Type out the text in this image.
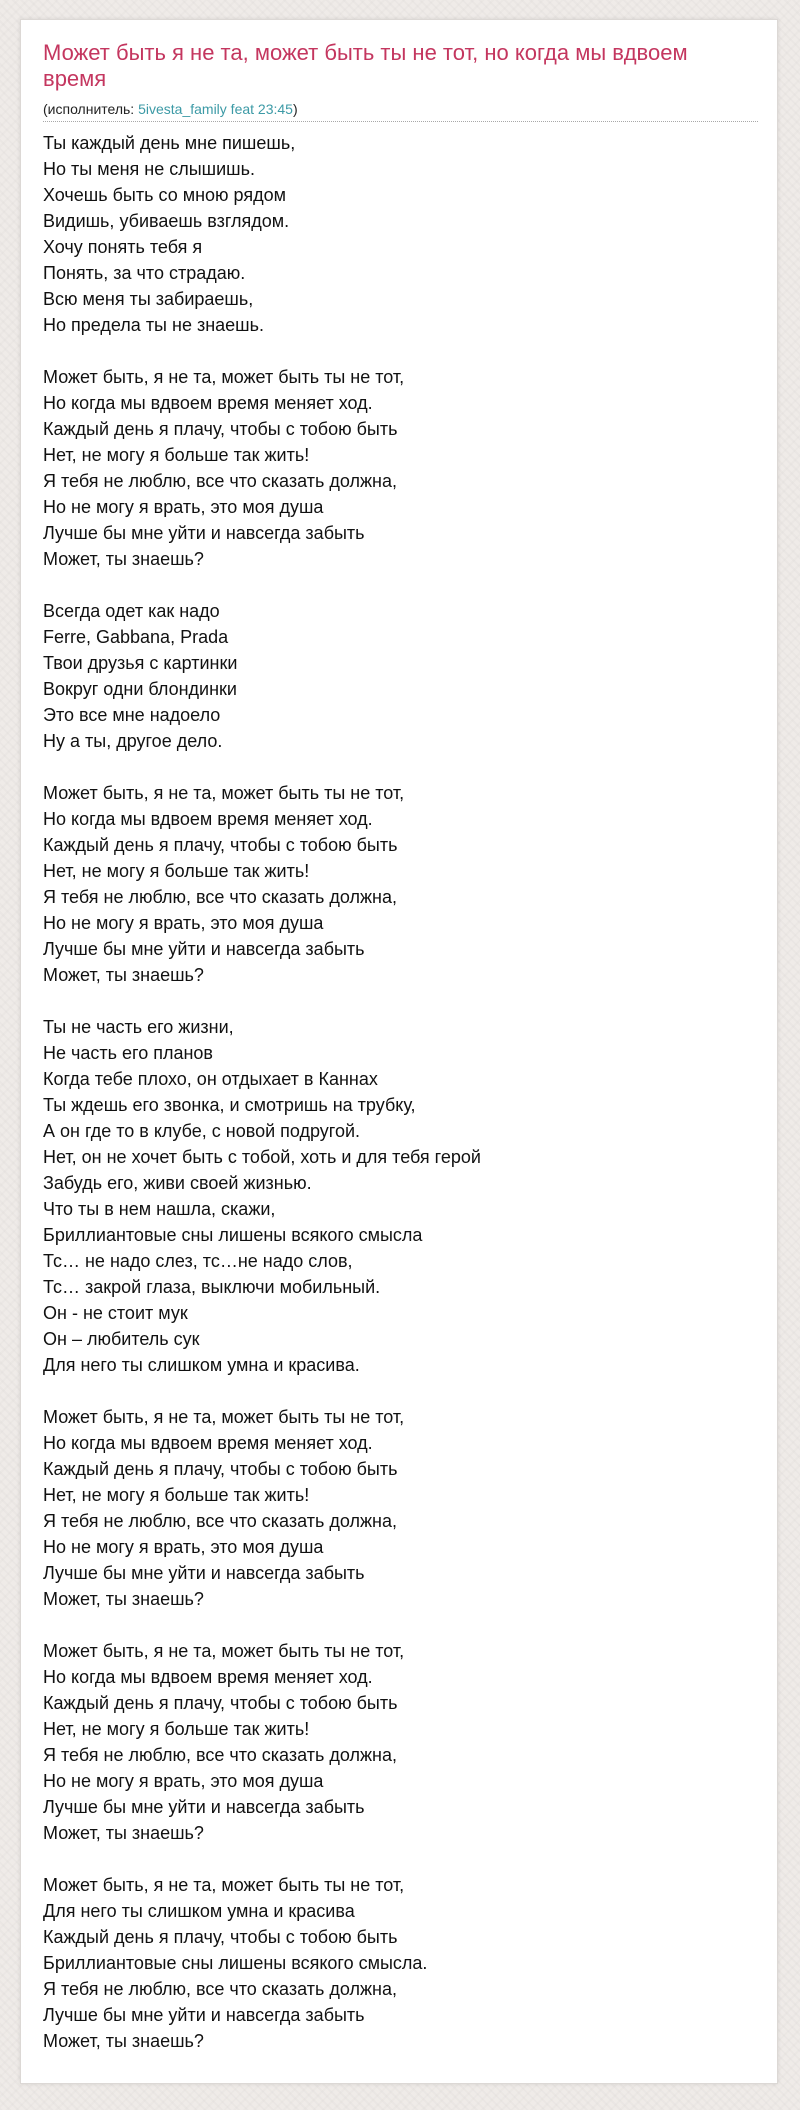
Может быть я не та, может быть ты не тот, но когда мы вдвоем время
(исполнитель: 5ivesta_family feat 23:45)
Ты каждый день мне пишешь,
Но ты меня не слышишь.
Хочешь быть со мною рядом
Видишь, убиваешь взглядом.
Хочу понять тебя я
Понять, за что страдаю.
Всю меня ты забираешь,
Но предела ты не знаешь.
Может быть, я не та, может быть ты не тот,
Но когда мы вдвоем время меняет ход.
Каждый день я плачу, чтобы с тобою быть
Нет, не могу я больше так жить!
Я тебя не люблю, все что сказать должна,
Но не могу я врать, это моя душа
Лучше бы мне уйти и навсегда забыть
Может, ты знаешь?
Всегда одет как надо
Ferre, Gabbana, Prada
Твои друзья с картинки
Вокруг одни блондинки
Это все мне надоело
Ну а ты, другое дело.
Может быть, я не та, может быть ты не тот,
Но когда мы вдвоем время меняет ход.
Каждый день я плачу, чтобы с тобою быть
Нет, не могу я больше так жить!
Я тебя не люблю, все что сказать должна,
Но не могу я врать, это моя душа
Лучше бы мне уйти и навсегда забыть
Может, ты знаешь?
Ты не часть его жизни,
Не часть его планов
Когда тебе плохо, он отдыхает в Каннах
Ты ждешь его звонка, и смотришь на трубку,
А он где то в клубе, с новой подругой.
Нет, он не хочет быть с тобой, хоть и для тебя герой
Забудь его, живи своей жизнью.
Что ты в нем нашла, скажи,
Бриллиантовые сны лишены всякого смысла
Тс… не надо слез, тс…не надо слов,
Тс… закрой глаза, выключи мобильный.
Он - не стоит мук
Он – любитель сук
Для него ты слишком умна и красива.
Может быть, я не та, может быть ты не тот,
Но когда мы вдвоем время меняет ход.
Каждый день я плачу, чтобы с тобою быть
Нет, не могу я больше так жить!
Я тебя не люблю, все что сказать должна,
Но не могу я врать, это моя душа
Лучше бы мне уйти и навсегда забыть
Может, ты знаешь?
Может быть, я не та, может быть ты не тот,
Но когда мы вдвоем время меняет ход.
Каждый день я плачу, чтобы с тобою быть
Нет, не могу я больше так жить!
Я тебя не люблю, все что сказать должна,
Но не могу я врать, это моя душа
Лучше бы мне уйти и навсегда забыть
Может, ты знаешь?
Может быть, я не та, может быть ты не тот,
Для него ты слишком умна и красива
Каждый день я плачу, чтобы с тобою быть
Бриллиантовые сны лишены всякого смысла.
Я тебя не люблю, все что сказать должна,
Лучше бы мне уйти и навсегда забыть
Может, ты знаешь?
